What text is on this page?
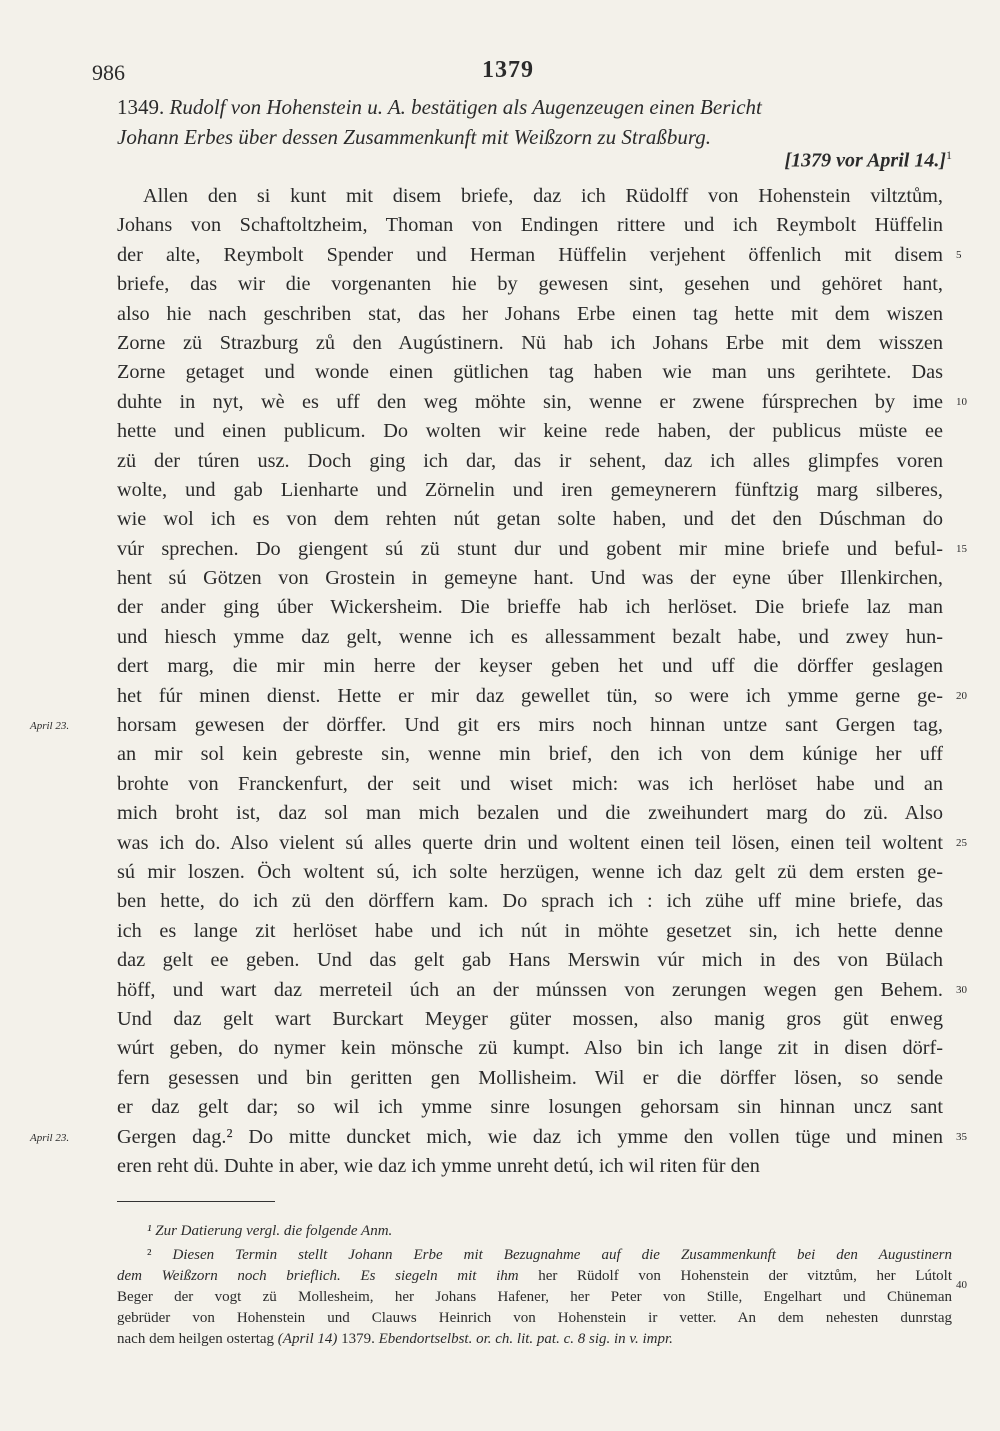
986	1379
1349. Rudolf von Hohenstein u. A. bestätigen als Augenzeugen einen Bericht
Johann Erbes über dessen Zusammenkunft mit Weißzorn zu Straßburg.
[1379 vor April 14.]$^1$
Allen den si kunt mit disem briefe, daz ich Rüdolff von Hohenstein viltztům,
Johans von Schaftoltzheim, Thoman von Endingen rittere und ich Reymbolt Hüffelin
der alte, Reymbolt Spender und Herman Hüffelin verjehent öffenlich mit disem
briefe, das wir die vorgenanten hie by gewesen sint, gesehen und gehöret hant,
also hie nach geschriben stat, das her Johans Erbe einen tag hette mit dem wiszen
Zorne zü Strazburg zů den Augústinern. Nü hab ich Johans Erbe mit dem wisszen
Zorne getaget und wonde einen gütlichen tag haben wie man uns gerihtete. Das
duhte in nyt, wè es uff den weg möhte sin, wenne er zwene fúrsprechen by ime
hette und einen publicum. Do wolten wir keine rede haben, der publicus müste ee
zü der túren usz. Doch ging ich dar, das ir sehent, daz ich alles glimpfes voren
wolte, und gab Lienharte und Zörnelin und iren gemeynerern fünftzig marg silberes,
wie wol ich es von dem rehten nút getan solte haben, und det den Dúschman do
vúr sprechen. Do giengent sú zü stunt dur und gobent mir mine briefe und beful-
hent sú Götzen von Grostein in gemeyne hant. Und was der eyne úber Illenkirchen,
der ander ging úber Wickersheim. Die brieffe hab ich herlöset. Die briefe laz man
und hiesch ymme daz gelt, wenne ich es allessamment bezalt habe, und zwey hun-
dert marg, die mir min herre der keyser geben het und uff die dörffer geslagen
het fúr minen dienst. Hette er mir daz gewellet tün, so were ich ymme gerne ge-
horsam gewesen der dörffer. Und git ers mirs noch hinnan untze sant Gergen tag,
an mir sol kein gebreste sin, wenne min brief, den ich von dem kúnige her uff
brohte von Franckenfurt, der seit und wiset mich: was ich herlöset habe und an
mich broht ist, daz sol man mich bezalen und die zweihundert marg do zü. Also
was ich do. Also vielent sú alles querte drin und woltent einen teil lösen, einen teil woltent
sú mir loszen. Öch woltent sú, ich solte herzügen, wenne ich daz gelt zü dem ersten ge-
ben hette, do ich zü den dörffern kam. Do sprach ich : ich zühe uff mine briefe, das
ich es lange zit herlöset habe und ich nút in möhte gesetzet sin, ich hette denne
daz gelt ee geben. Und das gelt gab Hans Merswin vúr mich in des von Bülach
höff, und wart daz merreteil úch an der múnssen von zerungen wegen gen Behem.
Und daz gelt wart Burckart Meyger güter mossen, also manig gros güt enweg
wúrt geben, do nymer kein mönsche zü kumpt. Also bin ich lange zit in disen dörf-
fern gesessen und bin geritten gen Mollisheim. Wil er die dörffer lösen, so sende
er daz gelt dar; so wil ich ymme sinre losungen gehorsam sin hinnan uncz sant
Gergen dag.² Do mitte duncket mich, wie daz ich ymme den vollen tüge und minen
eren reht dü. Duhte in aber, wie daz ich ymme unreht detú, ich wil riten für den
5
10
15
20
25
30
35
April 23.
April 23.
¹ Zur Datierung vergl. die folgende Anm.
² Diesen Termin stellt Johann Erbe mit Bezugnahme auf die Zusammenkunft bei den Augustinern
dem Weißzorn noch brieflich. Es siegeln mit ihm her Rüdolf von Hohenstein der vitztům, her Lútolt
Beger der vogt zü Mollesheim, her Johans Hafener, her Peter von Stille, Engelhart und Chüneman
gebrüder von Hohenstein und Clauws Heinrich von Hohenstein ir vetter. An dem nehesten dunrstag
nach dem heilgen ostertag (April 14) 1379. Ebendortselbst. or. ch. lit. pat. c. 8 sig. in v. impr.
40
